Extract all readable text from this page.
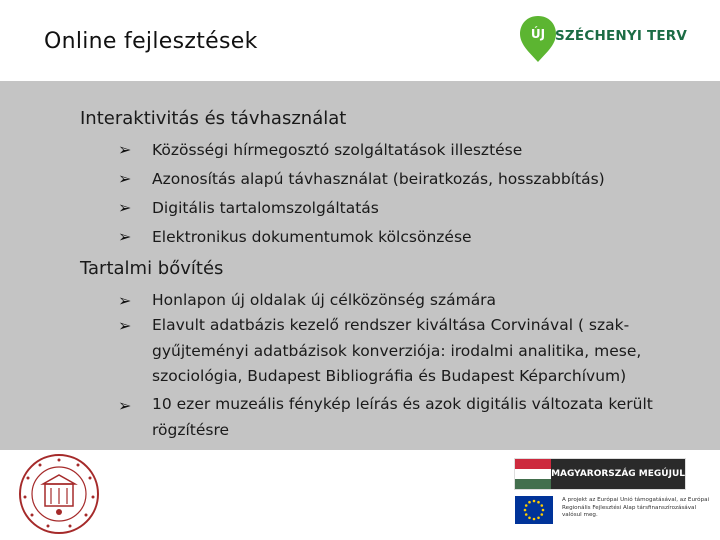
Online fejlesztések	ÚJ SZÉCHENYI TERV
Interaktivitás és távhasználat
➢ Közösségi hírmegosztó szolgáltatások illesztése
➢ Azonosítás alapú távhasználat (beiratkozás, hosszabbítás)
➢ Digitális tartalomszolgáltatás
➢ Elektronikus dokumentumok kölcsönzése
Tartalmi bővítés
➢ Honlapon új oldalak új célközönség számára
➢ Elavult adatbázis kezelő rendszer kiváltása Corvinával ( szak-gyűjteményi adatbázisok konverziója: irodalmi analitika, mese, szociológia, Budapest Bibliográfia és Budapest Képarchívum)
➢ 10 ezer muzeális fénykép leírás és azok digitális változata került rögzítésre
MAGYARORSZÁG MEGÚJUL
A projekt az Európai Unió támogatásával, az Európai Regionális Fejlesztési Alap társfinanszírozásával valósul meg.
